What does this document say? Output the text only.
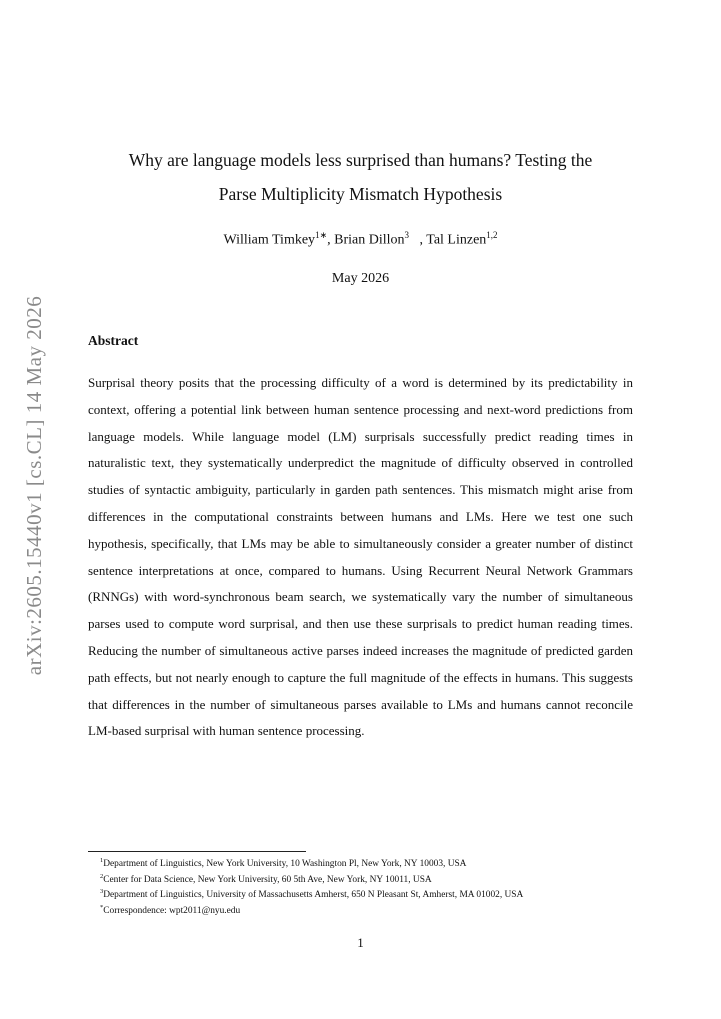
arXiv:2605.15440v1 [cs.CL] 14 May 2026
Why are language models less surprised than humans? Testing the
Parse Multiplicity Mismatch Hypothesis
William Timkey$^{1∗}$, Brian Dillon$^3$   , Tal Linzen$^{1,2}$
May 2026
Abstract
Surprisal theory posits that the processing difficulty of a word is determined by its predictability in context, offering a potential link between human sentence processing and next-word predictions from language models. While language model (LM) surprisals successfully predict reading times in naturalistic text, they systematically underpredict the magnitude of difficulty observed in controlled studies of syntactic ambiguity, particularly in garden path sentences. This mismatch might arise from differences in the computational constraints between humans and LMs. Here we test one such hypothesis, specifically, that LMs may be able to simultaneously consider a greater number of distinct sentence interpretations at once, compared to humans. Using Recurrent Neural Network Grammars (RNNGs) with word-synchronous beam search, we systematically vary the number of simultaneous parses used to compute word surprisal, and then use these surprisals to predict human reading times. Reducing the number of simultaneous active parses indeed increases the magnitude of predicted garden path effects, but not nearly enough to capture the full magnitude of the effects in humans. This suggests that differences in the number of simultaneous parses available to LMs and humans cannot reconcile LM-based surprisal with human sentence processing.

$^1$Department of Linguistics, New York University, 10 Washington Pl, New York, NY 10003, USA

$^2$Center for Data Science, New York University, 60 5th Ave, New York, NY 10011, USA

$^3$Department of Linguistics, University of Massachusetts Amherst, 650 N Pleasant St, Amherst, MA 01002, USA

*Correspondence: wpt2011@nyu.edu

1
